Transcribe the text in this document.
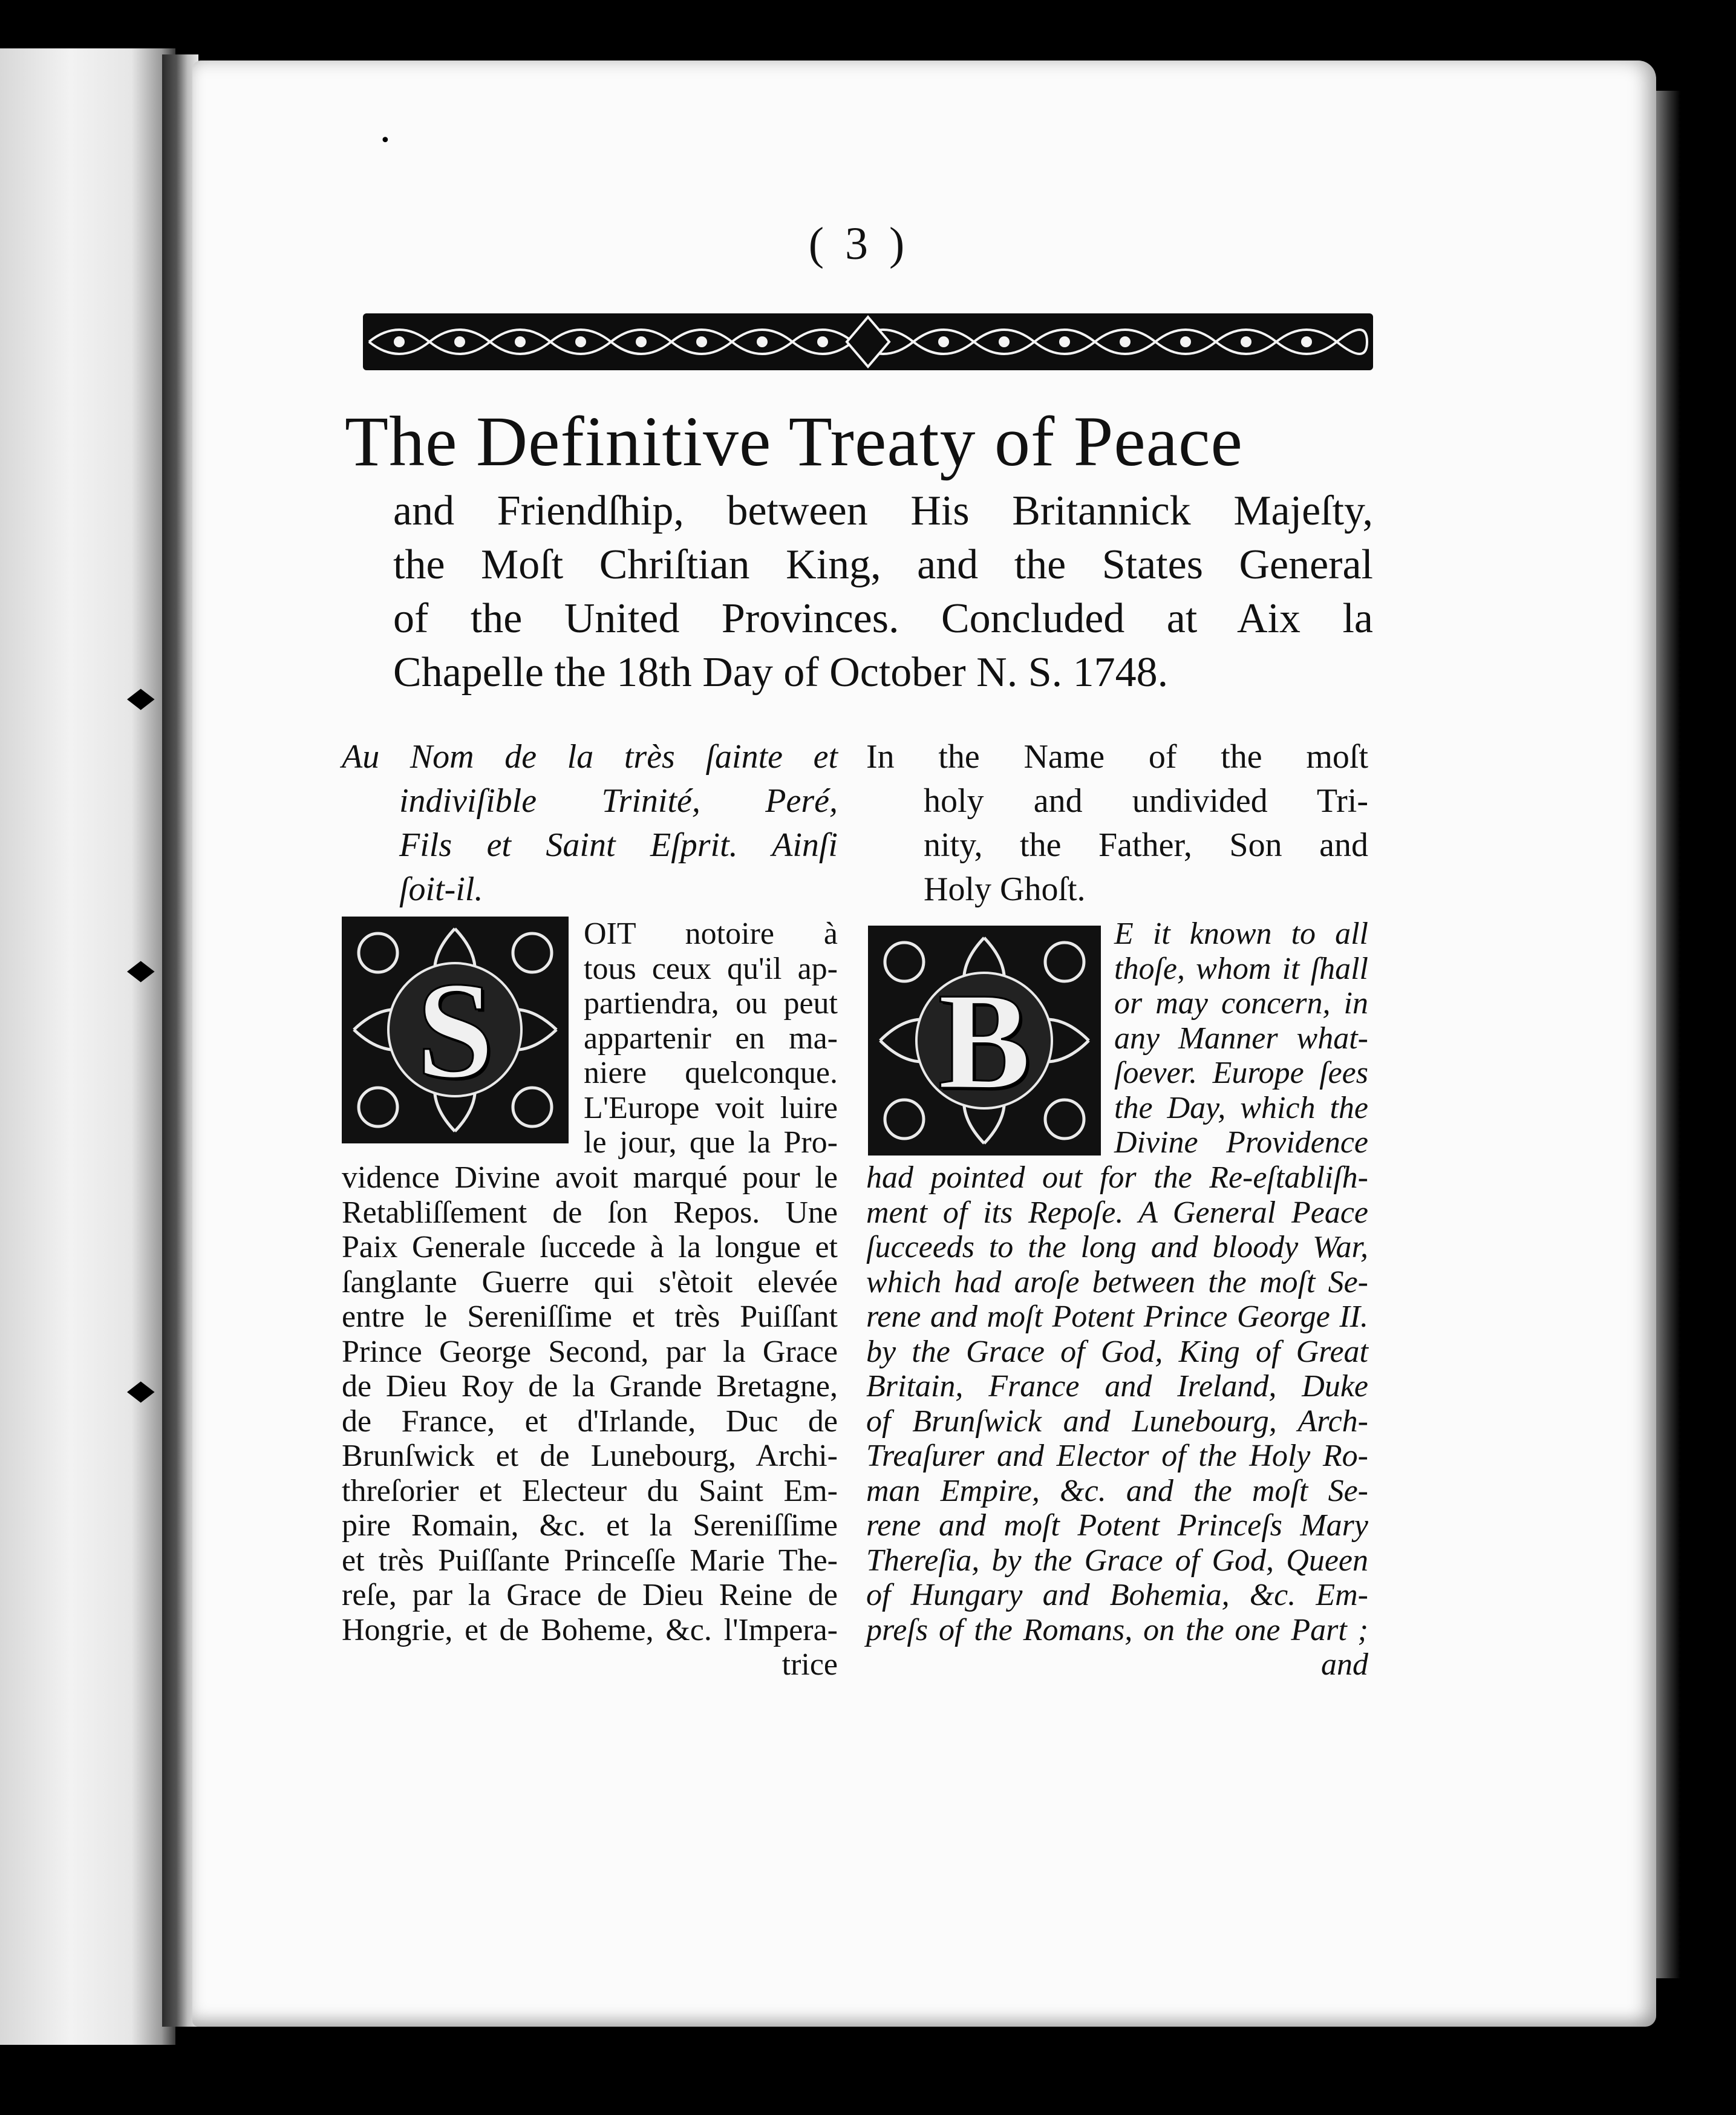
•
◆
◆
◆
( 3 )
The Definitive Treaty of Peace
and Friendſhip, between His Britannick Majeſty,
the Moſt Chriſtian King, and the States General
of the United Provinces. Concluded at Aix la
Chapelle the 18th Day of October N. S. 1748.
Au Nom de la très ſainte et
indiviſible Trinité, Peré,
Fils et Saint Eſprit. Ainſi
ſoit-il.
S
OIT notoire à
tous ceux qu'il ap-
partiendra, ou peut
appartenir en ma-
niere quelconque.
L'Europe voit luire
le jour, que la Pro-
vidence Divine avoit marqué pour le
Retabliſſement de ſon Repos. Une
Paix Generale ſuccede à la longue et
ſanglante Guerre qui s'ètoit elevée
entre le Sereniſſime et très Puiſſant
Prince George Second, par la Grace
de Dieu Roy de la Grande Bretagne,
de France, et d'Irlande, Duc de
Brunſwick et de Lunebourg, Archi-
threſorier et Electeur du Saint Em-
pire Romain, &c. et la Sereniſſime
et très Puiſſante Princeſſe Marie The-
reſe, par la Grace de Dieu Reine de
Hongrie, et de Boheme, &c. l'Impera-
trice
In the Name of the moſt
holy and undivided Tri-
nity, the Father, Son and
Holy Ghoſt.
B
E it known to all
thoſe, whom it ſhall
or may concern, in
any Manner what-
ſoever. Europe ſees
the Day, which the
Divine Providence
had pointed out for the Re-eſtabliſh-
ment of its Repoſe. A General Peace
ſucceeds to the long and bloody War,
which had aroſe between the moſt Se-
rene and moſt Potent Prince George II.
by the Grace of God, King of Great
Britain, France and Ireland, Duke
of Brunſwick and Lunebourg, Arch-
Treaſurer and Elector of the Holy Ro-
man Empire, &c. and the moſt Se-
rene and moſt Potent Princeſs Mary
Thereſia, by the Grace of God, Queen
of Hungary and Bohemia, &c. Em-
preſs of the Romans, on the one Part ;
and
